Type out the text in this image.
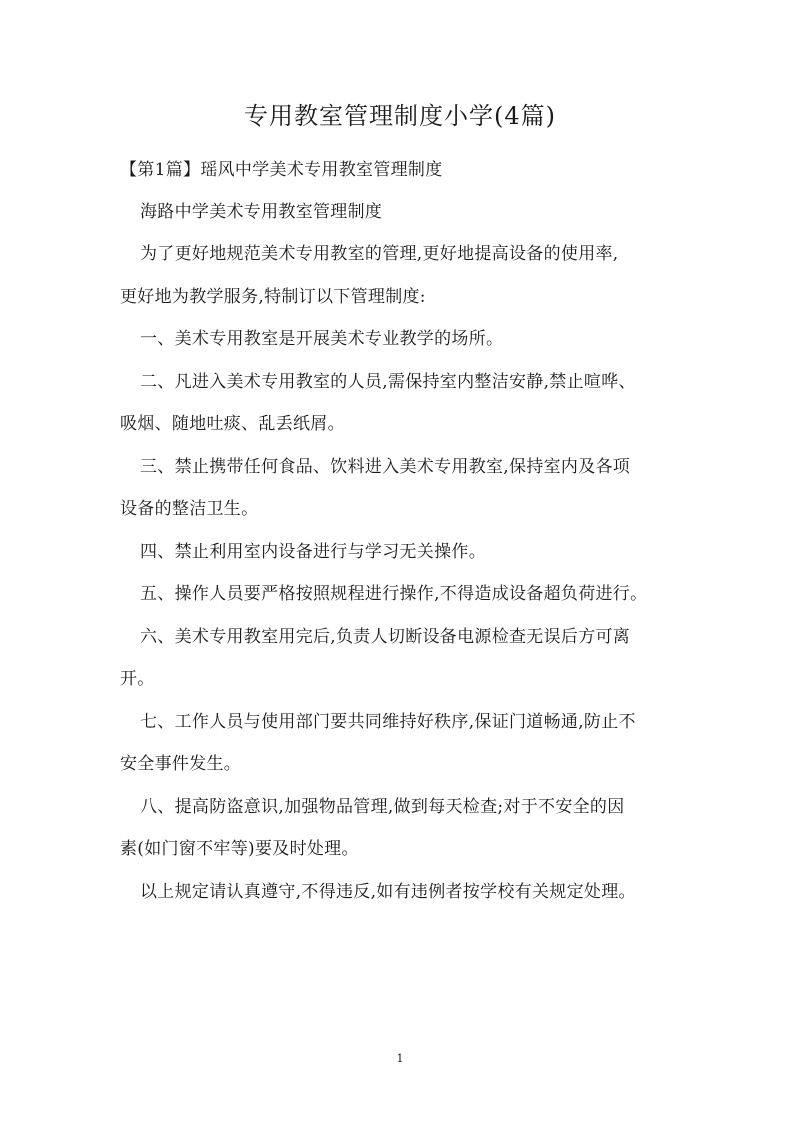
专用教室管理制度小学(4篇)
【第1篇】瑶风中学美术专用教室管理制度
海路中学美术专用教室管理制度
为了更好地规范美术专用教室的管理,更好地提高设备的使用率,
更好地为教学服务,特制订以下管理制度:
一、美术专用教室是开展美术专业教学的场所。
二、凡进入美术专用教室的人员,需保持室内整洁安静,禁止喧哗、
吸烟、随地吐痰、乱丢纸屑。
三、禁止携带任何食品、饮料进入美术专用教室,保持室内及各项
设备的整洁卫生。
四、禁止利用室内设备进行与学习无关操作。
五、操作人员要严格按照规程进行操作,不得造成设备超负荷进行。
六、美术专用教室用完后,负责人切断设备电源检查无误后方可离
开。
七、工作人员与使用部门要共同维持好秩序,保证门道畅通,防止不
安全事件发生。
八、提高防盗意识,加强物品管理,做到每天检查;对于不安全的因
素(如门窗不牢等)要及时处理。
以上规定请认真遵守,不得违反,如有违例者按学校有关规定处理。
1
